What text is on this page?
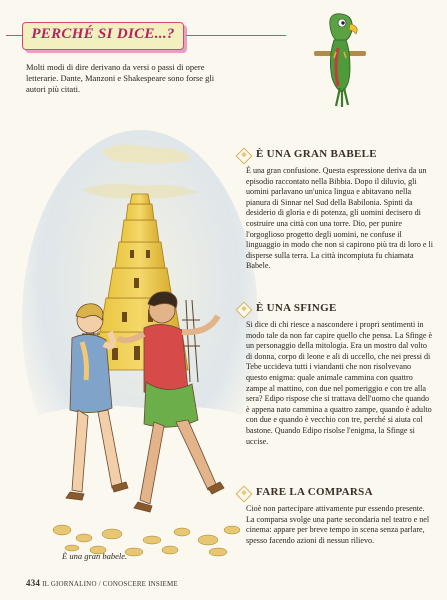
PERCHÉ SI DICE...?
Molti modi di dire derivano da versi o passi di opere letterarie. Dante, Manzoni e Shakespeare sono forse gli autori più citati.
È una gran babele.
È UNA GRAN BABELE
È una gran confusione. Questa espressione deriva da un episodio raccontato nella Bibbia. Dopo il diluvio, gli uomini parlavano un'unica lingua e abitavano nella pianura di Sinnar nel Sud della Babilonia. Spinti da desiderio di gloria e di potenza, gli uomini decisero di costruire una città con una torre. Dio, per punire l'orgoglioso progetto degli uomini, ne confuse il linguaggio in modo che non si capirono più tra di loro e li disperse sulla terra. La città incompiuta fu chiamata Babele.
È UNA SFINGE
Si dice di chi riesce a nascondere i propri sentimenti in modo tale da non far capire quello che pensa. La Sfinge è un personaggio della mitologia. Era un mostro dal volto di donna, corpo di leone e ali di uccello, che nei pressi di Tebe uccideva tutti i viandanti che non risolvevano questo enigma: quale animale cammina con quattro zampe al mattino, con due nel pomeriggio e con tre alla sera? Edipo rispose che si trattava dell'uomo che quando è appena nato cammina a quattro zampe, quando è adulto con due e quando è vecchio con tre, perché si aiuta col bastone. Quando Edipo risolse l'enigma, la Sfinge si uccise.
FARE LA COMPARSA
Cioè non partecipare attivamente pur essendo presente. La comparsa svolge una parte secondaria nel teatro e nel cinema: appare per breve tempo in scena senza parlare, spesso facendo azioni di nessun rilievo.
434 IL GIORNALINO / CONOSCERE INSIEME
